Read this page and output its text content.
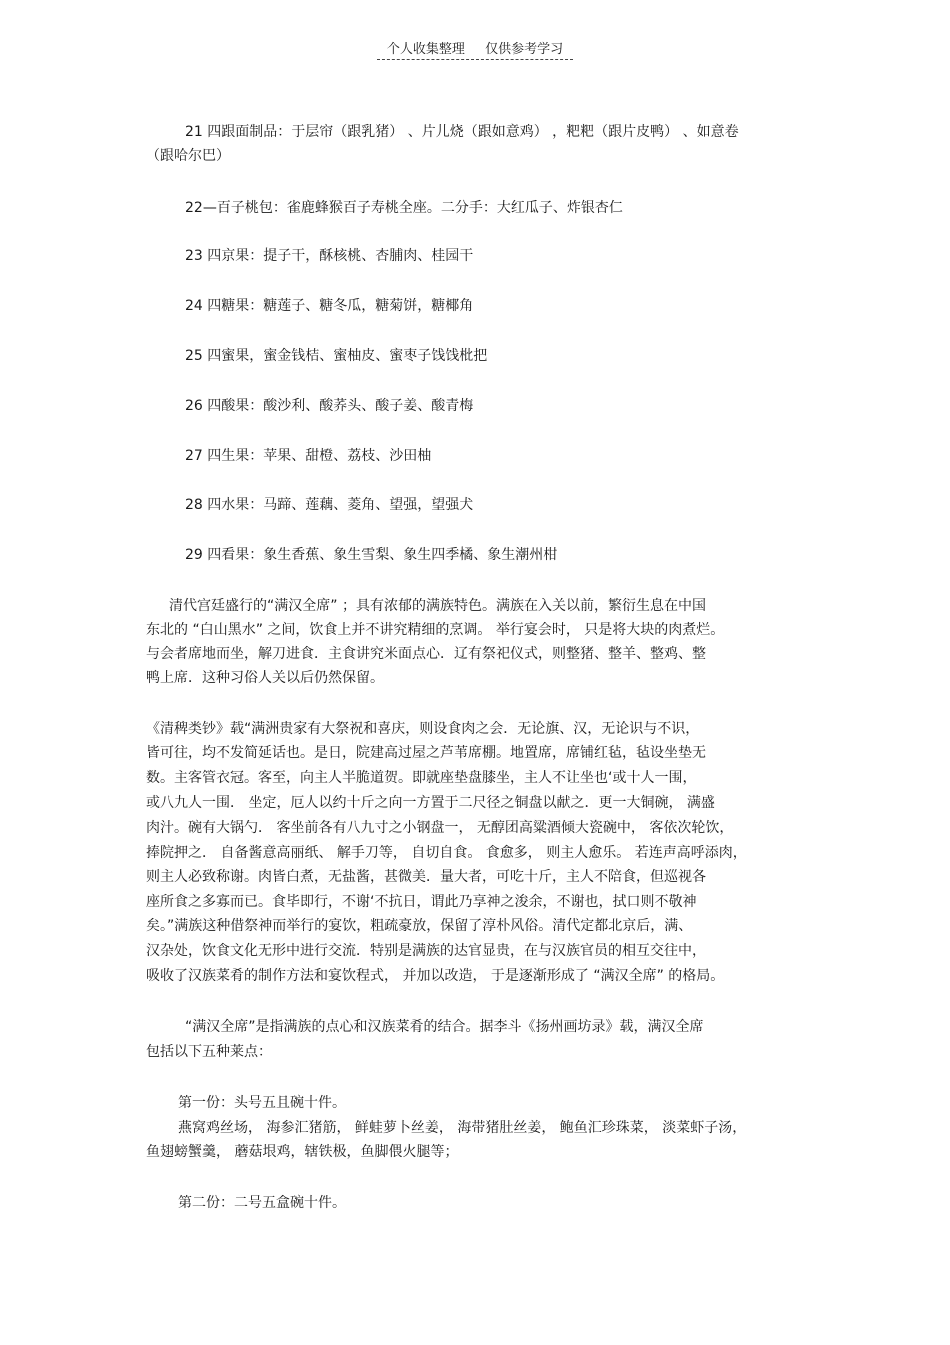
个人收集整理 仅供参考学习
21 四跟面制品：于层帘（跟乳猪） 、片儿烧（跟如意鸡） ，粑粑（跟片皮鸭） 、如意卷
（跟哈尔巴）
22—百子桃包：雀鹿蜂猴百子寿桃全座。二分手：大红瓜子、炸银杏仁
23 四京果：提子干，酥核桃、杏脯肉、桂园干
24 四糖果：糖莲子、糖冬瓜，糖菊饼，糖椰角
25 四蜜果，蜜金钱桔、蜜柚皮、蜜枣子饯饯枇把
26 四酸果：酸沙利、酸荞头、酸子姜、酸青梅
27 四生果：苹果、甜橙、荔枝、沙田柚
28 四水果：马蹄、莲藕、菱角、望强，望强犬
29 四看果：象生香蕉、象生雪梨、象生四季橘、象生潮州柑
清代宫廷盛行的“满汉全席” ；具有浓郁的满族特色。满族在入关以前，繁衍生息在中国
东北的 “白山黑水” 之间，饮食上并不讲究精细的烹调。 举行宴会时， 只是将大块的肉煮烂。
与会者席地而坐，解刀进食．主食讲究米面点心．辽有祭祀仪式，则整猪、整羊、整鸡、整
鸭上席．这种习俗人关以后仍然保留。
《清稗类钞》载“满洲贵家有大祭祝和喜庆，则设食肉之会．无论旗、汉，无论识与不识，
皆可往，均不发简延话也。是日，院建高过屋之芦苇席棚。地置席，席铺红毡，毡设坐垫无
数。主客管衣冠。客至，向主人半脆道贺。即就座垫盘膝坐，主人不让坐也‘或十人一围，
或八九人一围． 坐定，厄人以约十斤之向一方置于二尺径之铜盘以献之．更一大铜碗， 满盛
肉汁。碗有大锅勺． 客坐前各有八九寸之小钢盘一， 无醇团高粱酒倾大瓷碗中， 客依次轮饮，
捧院押之． 自备酱意高丽纸、 解手刀等， 自切自食。 食愈多， 则主人愈乐。 若连声高呼添肉，
则主人必致称谢。肉皆白煮，无盐酱，甚微美．量大者，可吃十斤，主人不陪食，但巡视各
座所食之多寡而已。食毕即行，不谢‘不抗日，谓此乃享神之浚余，不谢也，拭口则不敬神
矣。”满族这种借祭神而举行的宴饮，粗疏豪放，保留了淳朴风俗。清代定都北京后，满、
汉杂处，饮食文化无形中进行交流．特别是满族的达官显贵，在与汉族官员的相互交往中，
吸收了汉族菜肴的制作方法和宴饮程式， 并加以改造， 于是逐渐形成了 “满汉全席” 的格局。
“满汉全席”是指满族的点心和汉族菜肴的结合。据李斗《扬州画坊录》载，满汉全席
包括以下五种莱点：
第一份：头号五且碗十件。
燕窝鸡丝场， 海参汇猪筋， 鲜蛙萝卜丝姜， 海带猪肚丝姜， 鲍鱼汇珍珠菜， 淡菜虾子汤，
鱼翅螃蟹羹， 蘑菇垠鸡，辖铁极，鱼脚偎火腿等；
第二份：二号五盒碗十件。
